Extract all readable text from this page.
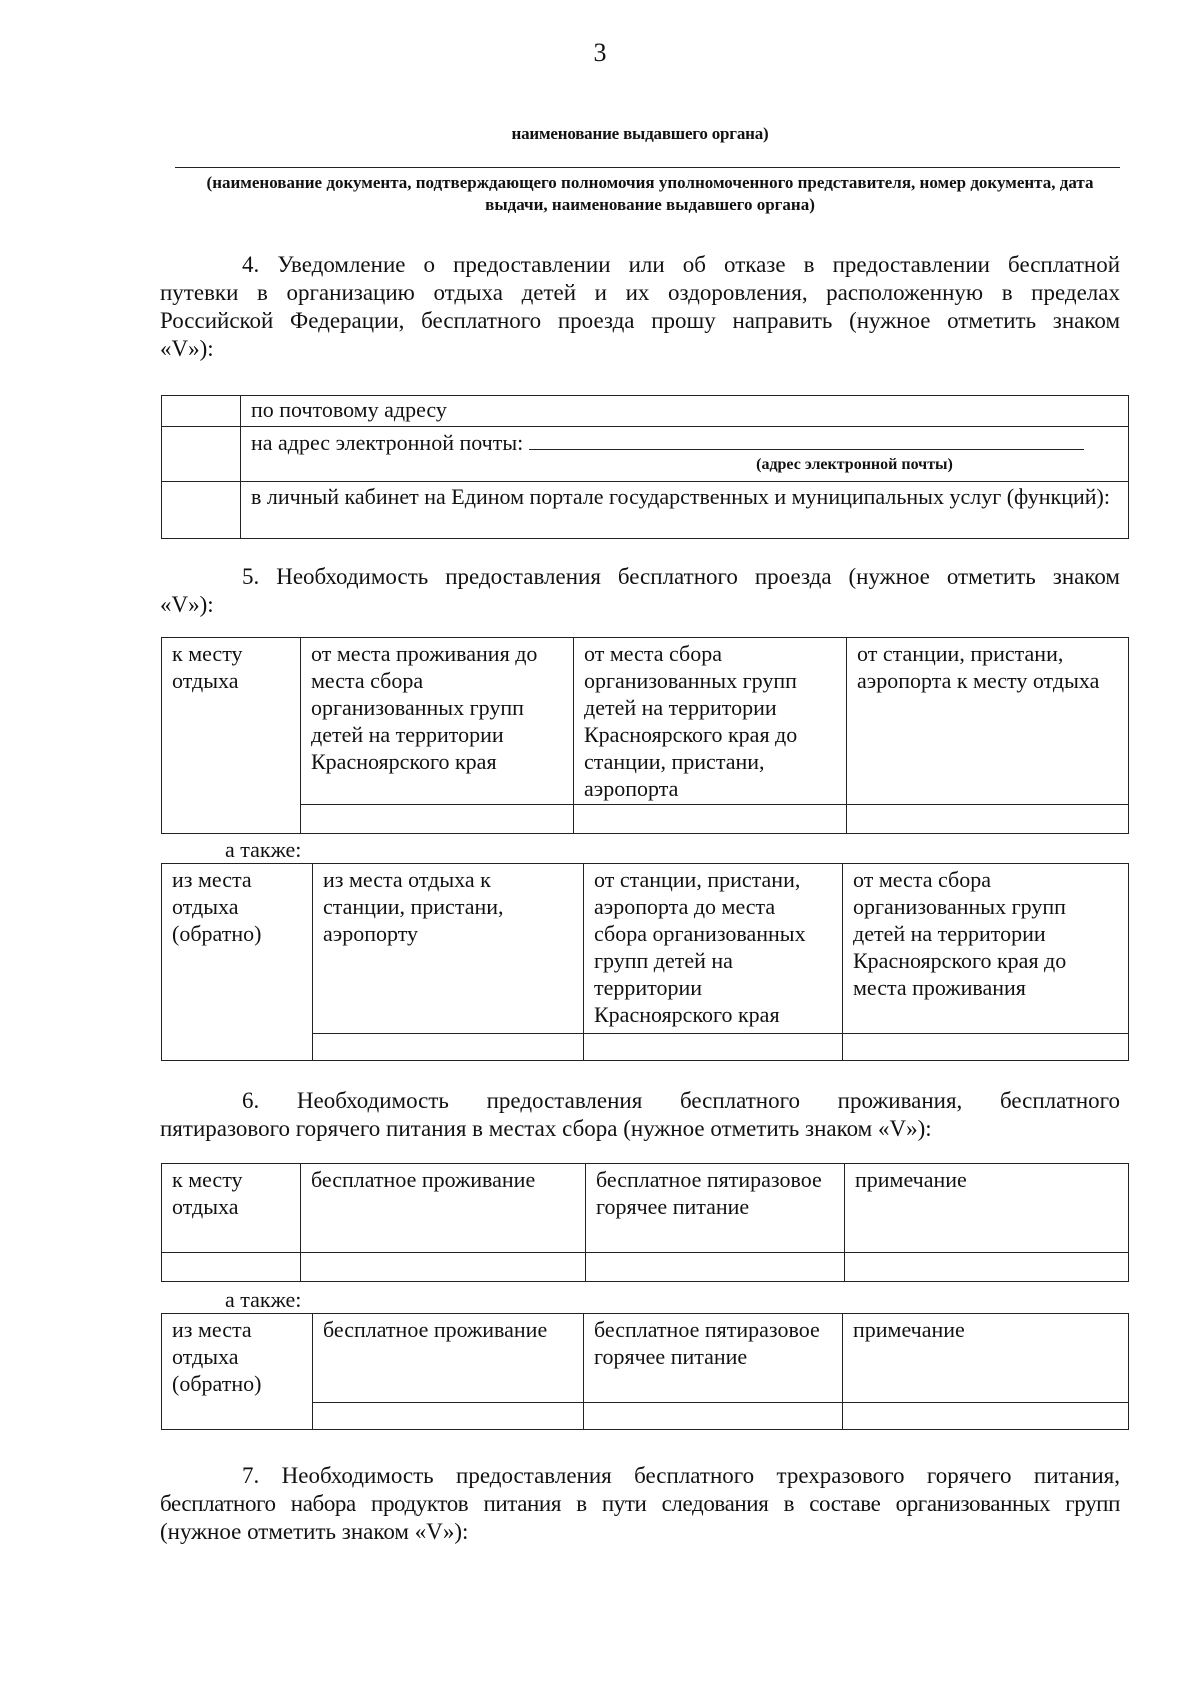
3
наименование выдавшего органа)
(наименование документа, подтверждающего полномочия уполномоченного представителя, номер документа, дата выдачи, наименование выдавшего органа)
4. Уведомление о предоставлении или об отказе в предоставлении бесплатной
путевки в организацию отдыха детей и их оздоровления, расположенную в пределах
Российской Федерации, бесплатного проезда прошу направить (нужное отметить знаком
«V»):
	по почтовому адресу
	на адрес электронной почты:
(адрес электронной почты)

	в личный кабинет на Едином портале государственных и муниципальных услуг (функций):
5. Необходимость предоставления бесплатного проезда (нужное отметить знаком
«V»):
к месту отдыха	от места проживания до места сбора организованных групп детей на территории Красноярского края	от места сбора организованных групп детей на территории Красноярского края до станции, пристани, аэропорта	от станции, пристани, аэропорта к месту отдыха

а также:
из места отдыха (обратно)	из места отдыха к станции, пристани, аэропорту	от станции, пристани, аэропорта до места сбора организованных групп детей на территории Красноярского края	от места сбора организованных групп детей на территории Красноярского края до места проживания

6. Необходимость предоставления бесплатного проживания, бесплатного
пятиразового горячего питания в местах сбора (нужное отметить знаком «V»):
к месту отдыха	бесплатное проживание	бесплатное пятиразовое горячее питание	примечание

а также:
из места отдыха (обратно)	бесплатное проживание	бесплатное пятиразовое горячее питание	примечание

7. Необходимость предоставления бесплатного трехразового горячего питания,
бесплатного набора продуктов питания в пути следования в составе организованных групп
(нужное отметить знаком «V»):
